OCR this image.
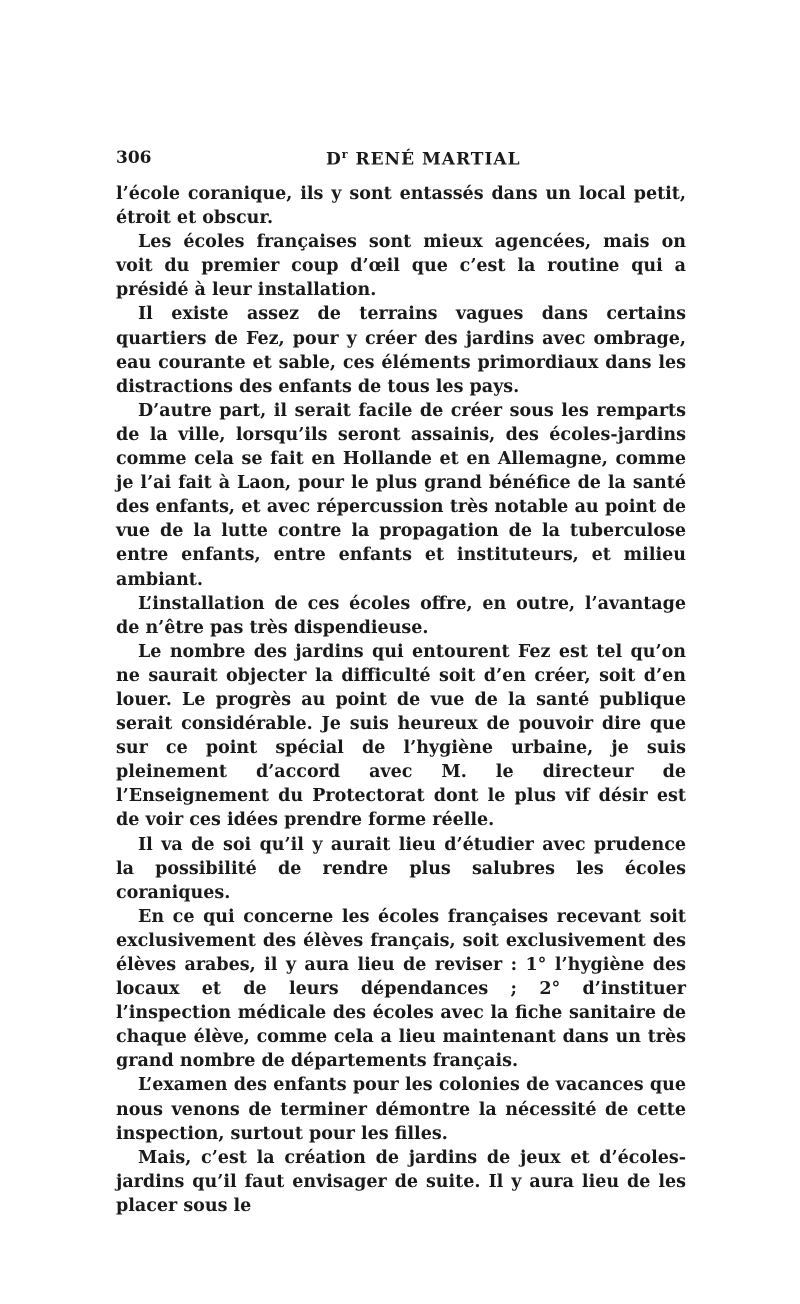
306	$D^r$ RENÉ MARTIAL

l’école coranique, ils y sont entassés dans un local petit, étroit et obscur.

Les écoles françaises sont mieux agencées, mais on voit du premier coup d’œil que c’est la routine qui a présidé à leur installation.

Il existe assez de terrains vagues dans certains quartiers de Fez, pour y créer des jardins avec ombrage, eau courante et sable, ces éléments primordiaux dans les distractions des enfants de tous les pays.

D’autre part, il serait facile de créer sous les remparts de la ville, lorsqu’ils seront assainis, des écoles-jardins comme cela se fait en Hollande et en Allemagne, comme je l’ai fait à Laon, pour le plus grand bénéfice de la santé des enfants, et avec répercussion très notable au point de vue de la lutte contre la propagation de la tuberculose entre enfants, entre enfants et instituteurs, et milieu ambiant.

L’installation de ces écoles offre, en outre, l’avantage de n’être pas très dispendieuse.

Le nombre des jardins qui entourent Fez est tel qu’on ne saurait objecter la difficulté soit d’en créer, soit d’en louer. Le progrès au point de vue de la santé publique serait considérable. Je suis heureux de pouvoir dire que sur ce point spécial de l’hygiène urbaine, je suis pleinement d’accord avec M. le directeur de l’Enseignement du Protectorat dont le plus vif désir est de voir ces idées prendre forme réelle.

Il va de soi qu’il y aurait lieu d’étudier avec prudence la possibilité de rendre plus salubres les écoles coraniques.

En ce qui concerne les écoles françaises recevant soit exclusivement des élèves français, soit exclusivement des élèves arabes, il y aura lieu de reviser : 1° l’hygiène des locaux et de leurs dépendances ; 2° d’instituer l’inspection médicale des écoles avec la fiche sanitaire de chaque élève, comme cela a lieu maintenant dans un très grand nombre de départements français.

L’examen des enfants pour les colonies de vacances que nous venons de terminer démontre la nécessité de cette inspection, surtout pour les filles.

Mais, c’est la création de jardins de jeux et d’écoles-jardins qu’il faut envisager de suite. Il y aura lieu de les placer sous le
